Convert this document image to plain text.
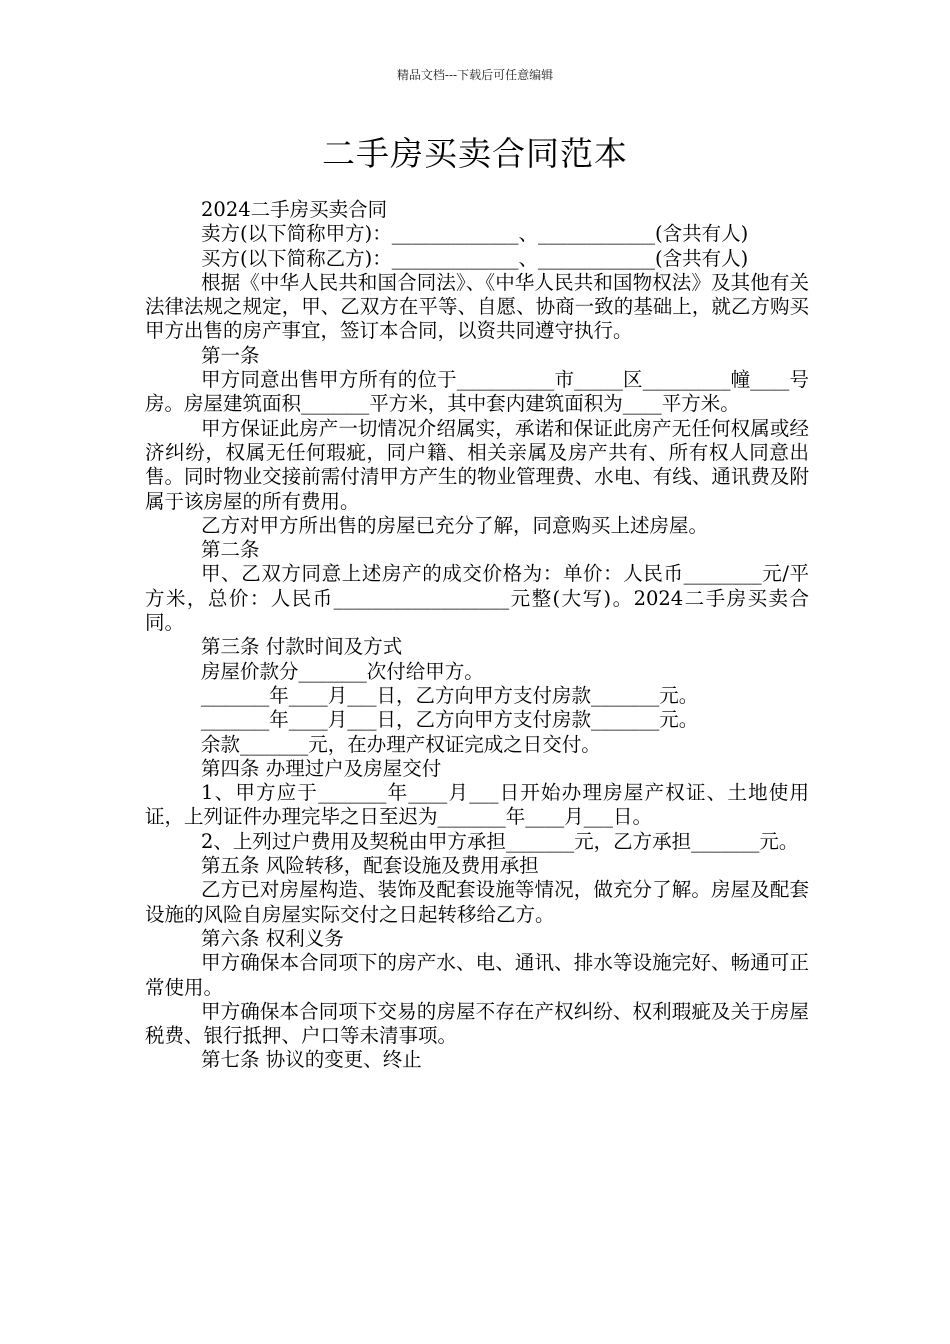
精品文档---下载后可任意编辑
二手房买卖合同范本

2024二手房买卖合同

卖方(以下简称甲方)：_____________、____________(含共有人)

买方(以下简称乙方)：_____________、____________(含共有人)

根据《中华人民共和国合同法》、《中华人民共和国物权法》及其他有关法律法规之规定，甲、乙双方在平等、自愿、协商一致的基础上，就乙方购买甲方出售的房产事宜，签订本合同，以资共同遵守执行。

第一条

甲方同意出售甲方所有的位于__________市_____区_________幢____号房。房屋建筑面积_______平方米，其中套内建筑面积为____平方米。

甲方保证此房产一切情况介绍属实，承诺和保证此房产无任何权属或经济纠纷，权属无任何瑕疵，同户籍、相关亲属及房产共有、所有权人同意出售。同时物业交接前需付清甲方产生的物业管理费、水电、有线、通讯费及附属于该房屋的所有费用。

乙方对甲方所出售的房屋已充分了解，同意购买上述房屋。

第二条

甲、乙双方同意上述房产的成交价格为：单价：人民币________元/平方米，总价：人民币__________________元整(大写)。2024二手房买卖合同。

第三条 付款时间及方式

房屋价款分_______次付给甲方。

_______年____月___日，乙方向甲方支付房款_______元。

_______年____月___日，乙方向甲方支付房款_______元。

余款_______元，在办理产权证完成之日交付。

第四条 办理过户及房屋交付

1、甲方应于_______年____月___日开始办理房屋产权证、土地使用证，上列证件办理完毕之日至迟为_______年____月___日。

2、上列过户费用及契税由甲方承担_______元，乙方承担_______元。

第五条 风险转移，配套设施及费用承担

乙方已对房屋构造、装饰及配套设施等情况，做充分了解。房屋及配套设施的风险自房屋实际交付之日起转移给乙方。

第六条 权利义务

甲方确保本合同项下的房产水、电、通讯、排水等设施完好、畅通可正常使用。

甲方确保本合同项下交易的房屋不存在产权纠纷、权利瑕疵及关于房屋税费、银行抵押、户口等未清事项。

第七条 协议的变更、终止
